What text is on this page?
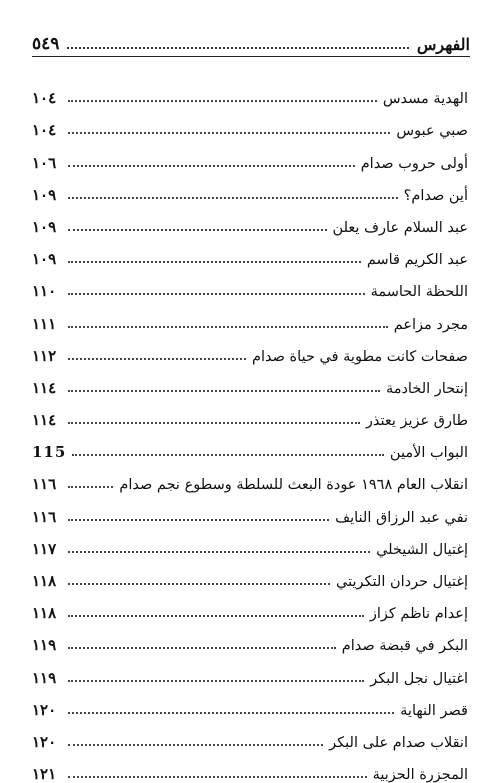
الفهرس
٥٤٩
الهدية مسدس
١٠٤
صبي عبوس
١٠٤
أولى حروب صدام
١٠٦
أين صدام؟
١٠٩
عبد السلام عارف يعلن
١٠٩
عبد الكريم قاسم
١٠٩
اللحظة الحاسمة
١١٠
مجرد مزاعم
١١١
صفحات كانت مطوية في حياة صدام
١١٢
إنتحار الخادمة
١١٤
طارق عزيز يعتذر
١١٤
البواب الأمين
115
انقلاب العام ١٩٦٨ عودة البعث للسلطة وسطوع نجم صدام
١١٦
نفي عبد الرزاق النايف
١١٦
إغتيال الشيخلي
١١٧
إغتيال حردان التكريتي
١١٨
إعدام ناظم كزاز
١١٨
البكر في قبضة صدام
١١٩
اغتيال نجل البكر
١١٩
قصر النهاية
١٢٠
انقلاب صدام على البكر
١٢٠
المجزرة الحزبية
١٢١
